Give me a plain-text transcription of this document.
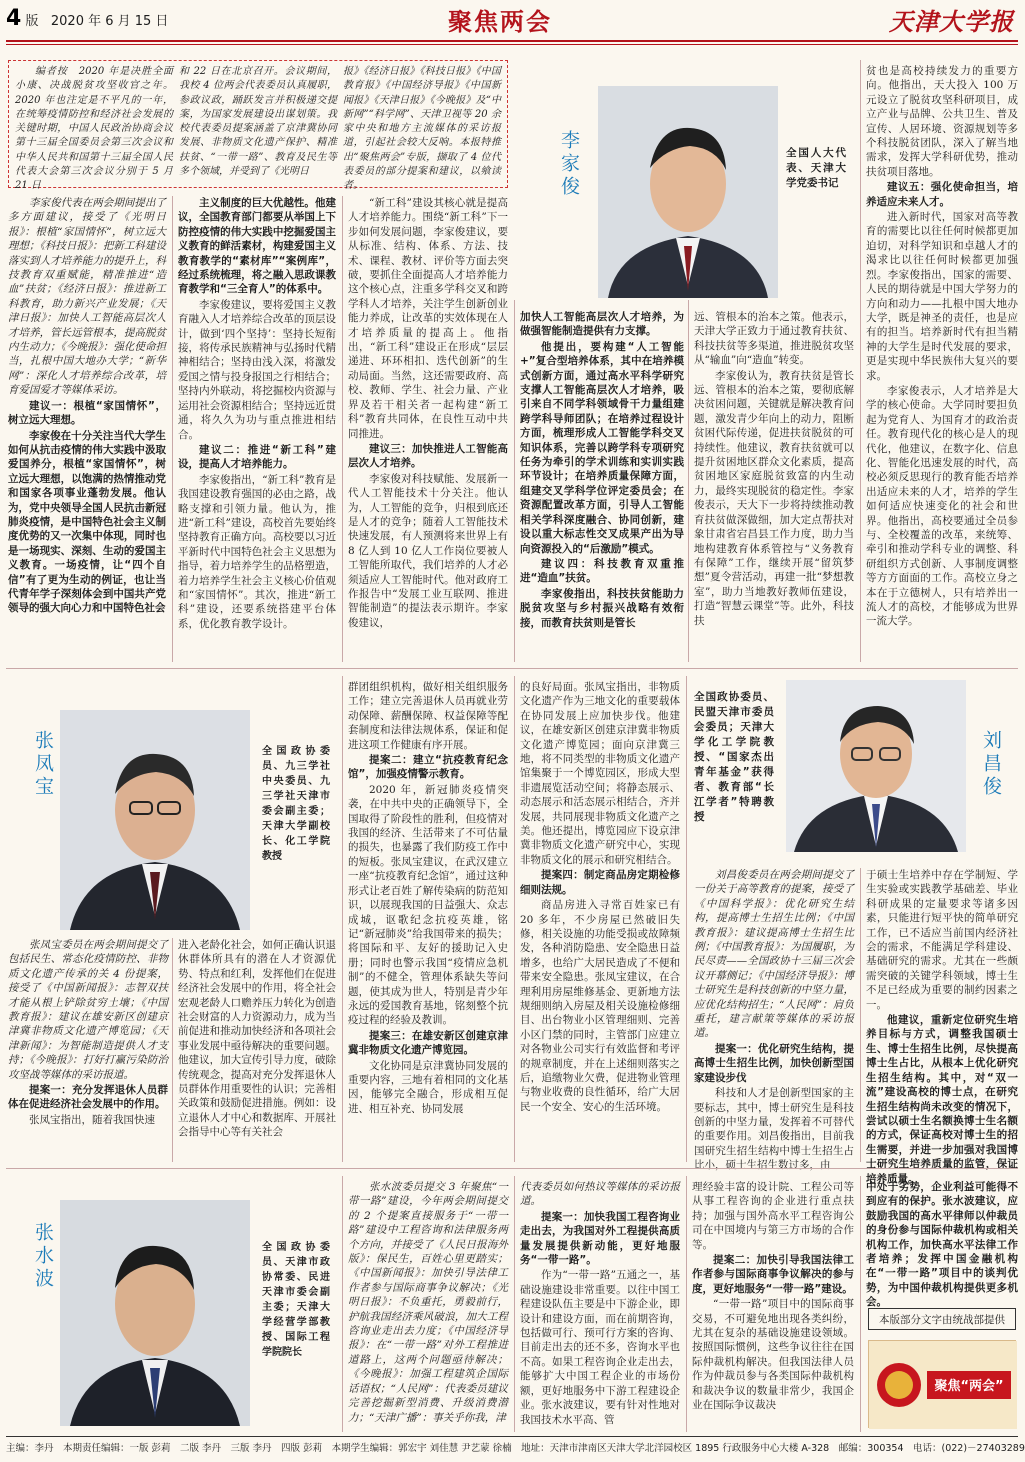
4 版 2020 年 6 月 15 日	聚焦两会	天津大学报

编者按　2020 年是决胜全面小康、决战脱贫攻坚收官之年。2020 年也注定是不平凡的一年，在统筹疫情防控和经济社会发展的关键时期，中国人民政治协商会议第十三届全国委员会第三次会议和中华人民共和国第十三届全国人民代表大会第三次会议分别于 5 月 21 日

和 22 日在北京召开。会议期间，我校 4 位两会代表委员认真履职，参政议政，踊跃发言并积极递交提案，为国家发展建设出谋划策。我校代表委员提案涵盖了京津冀协同发展、非物质文化遗产保护、精准扶贫、“一带一路”、教育及民生等多个领域，并受到了《光明日

报》《经济日报》《科技日报》《中国教育报》《中国经济导报》《中国新闻报》《天津日报》《今晚报》及“中新网”“科学网”、天津卫视等 20 余家中央和地方主流媒体的采访报道，引起社会较大反响。本报特推出“聚焦两会”专版，撷取了 4 位代表委员的部分提案和建议，以飨读者。	李家俊	全国人大代表、天津大学党委书记

李家俊代表在两会期间提出了多方面建议，接受了《光明日报》：根植“家国情怀”，树立远大理想；《科技日报》：把新工科建设落实到人才培养能力的提升上，科技教育双重赋能，精准推进“造血”扶贫；《经济日报》：推进新工科教育，助力新兴产业发展；《天津日报》：加快人工智能高层次人才培养，管长远管根本，提高脱贫内生动力；《今晚报》：强化使命担当，扎根中国大地办大学；“新华网”：深化人才培养综合改革，培育爱国爱才等媒体采访。

建议一：根植“家国情怀”，树立远大理想。

李家俊在十分关注当代大学生如何从抗击疫情的伟大实践中汲取爱国养分，根植“家国情怀”，树立远大理想，以饱满的热情推动党和国家各项事业蓬勃发展。他认为，党中央领导全国人民抗击新冠肺炎疫情，是中国特色社会主义制度优势的又一次集中体现，同时也是一场现实、深刻、生动的爱国主义教育。一场疫情，让“四个自信”有了更为生动的例证，也让当代青年学子深刻体会到中国共产党领导的强大向心力和中国特色社会

主义制度的巨大优越性。他建议，全国教育部门都要从举国上下防控疫情的伟大实践中挖掘爱国主义教育的鲜活素材，构建爱国主义教育教学的“素材库”“案例库”，经过系统梳理，将之融入思政课教育教学和“三全育人”的体系中。

李家俊建议，要将爱国主义教育融入人才培养综合改革的顶层设计，做到‘四个坚持’：坚持长短衔接，将传承民族精神与弘扬时代精神相结合；坚持由浅入深，将激发爱国之情与投身报国之行相结合；坚持内外联动，将挖掘校内资源与运用社会资源相结合；坚持远近贯通，将久久为功与重点推进相结合。

建议二：推进“新工科”建设，提高人才培养能力。

李家俊指出，“新工科”教育是我国建设教育强国的必由之路，战略支撑和引领力量。他认为，推进“新工科”建设，高校首先要始终坚持教育正确方向。高校要以习近平新时代中国特色社会主义思想为指导，着力培养学生的品格塑造，着力培养学生社会主义核心价值观和“家国情怀”。其次，推进“新工科”建设，还要系统搭建平台体系，优化教育教学设计。

“新工科”建设其核心就是提高人才培养能力。围绕“新工科”下一步如何发展问题，李家俊建议，要从标准、结构、体系、方法、技术、课程、教材、评价等方面去突破，要抓住全面提高人才培养能力这个核心点，注重多学科交叉和跨学科人才培养，关注学生创新创业能力养成，让改革的实效体现在人才培养质量的提高上。他指出，“新工科”建设正在形成“层层递进、环环相扣、迭代创新”的生动局面。当然，这还需要政府、高校、教师、学生、社会力量、产业界及若干相关者一起构建“新工科”教育共同体，在良性互动中共同推进。

建议三：加快推进人工智能高层次人才培养。

李家俊对科技赋能、发展新一代人工智能技术十分关注。他认为，人工智能的竞争，归根到底还是人才的竞争；随着人工智能技术快速发展，有人预测将来世界上有 8 亿人到 10 亿人工作岗位要被人工智能所取代，我们培养的人才必须适应人工智能时代。他对政府工作报告中“发展工业互联网、推进智能制造”的提法表示期许。李家俊建议，

加快人工智能高层次人才培养，为做强智能制造提供有力支撑。

他提出，要构建“人工智能+”复合型培养体系，其中在培养模式创新方面，通过高水平科学研究支撑人工智能高层次人才培养，吸引来自不同学科领域骨干力量组建跨学科导师团队；在培养过程设计方面，梳理形成人工智能学科交叉知识体系，完善以跨学科专项研究任务为牵引的学术训练和实训实践环节设计；在培养质量保障方面，组建交叉学科学位评定委员会；在资源配置改革方面，引导人工智能相关学科深度融合、协同创新，建设以重大标志性交叉成果产出为导向资源投入的“后激励”模式。

建议四：科技教育双重推进“造血”扶贫。

李家俊指出，科技扶贫能助力脱贫攻坚与乡村振兴战略有效衔接，而教育扶贫则是管长

远、管根本的治本之策。他表示，天津大学正致力于通过教育扶贫、科技扶贫等多渠道，推进脱贫攻坚从“输血”向“造血”转变。

李家俊认为，教育扶贫是管长远、管根本的治本之策，要彻底解决贫困问题，关键就是解决教育问题，激发青少年向上的动力，阻断贫困代际传递，促进扶贫脱贫的可持续性。他建议，教育扶贫就可以提升贫困地区群众文化素质，提高贫困地区家庭脱贫致富的内生动力，最终实现脱贫的稳定性。李家俊表示，天大下一步将持续推动教育扶贫做深做细，加大定点帮扶对象甘肃省宕昌县工作力度，助力当地构建教育体系管控与“义务教育有保障”工作，继续开展“留筑梦想”夏令营活动，再建一批“梦想教室”，助力当地教好教师伍建设，打造“智慧云课堂”等。此外，科技扶

贫也是高校持续发力的重要方向。他指出，天大投入 100 万元设立了脱贫攻坚科研项目，成立产业与品牌、公共卫生、普及宣传、人居环境、资源规划等多个科技脱贫团队，深入了解当地需求，发挥大学科研优势，推动扶贫项目落地。

建议五：强化使命担当，培养适应未来人才。

进入新时代，国家对高等教育的需要比以往任何时候都更加迫切，对科学知识和卓越人才的渴求比以往任何时候都更加强烈。李家俊指出，国家的需要、人民的期待就是中国大学努力的方向和动力——扎根中国大地办大学，既是神圣的责任，也是应有的担当。培养新时代有担当精神的大学生是时代发展的要求，更是实现中华民族伟大复兴的要求。

李家俊表示，人才培养是大学的核心使命。大学同时要担负起为党育人、为国育才的政治责任。教育现代化的核心是人的现代化，他建议，在数字化、信息化、智能化迅速发展的时代，高校必须反思现行的教育能否培养出适应未来的人才，培养的学生如何适应快速变化的社会和世界。他指出，高校要通过全员参与、全校覆盖的改革，来统筹、牵引和推动学科专业的调整、科研组织方式创新、人事制度调整等方方面面的工作。高校立身之本在于立德树人，只有培养出一流人才的高校，才能够成为世界一流大学。

张凤宝	全国政协委员、九三学社中央委员、九三学社天津市委会副主委；天津大学副校长、化工学院教授

张凤宝委员在两会期间提交了包括民生、常态化疫情防控、非物质文化遗产传承的关 4 份提案，接受了《中国新闻报》：志智双扶才能从根上铲除贫穷土壤；《中国教育报》：建议在雄安新区创建京津冀非物质文化遗产博览园；《天津新闻》：为智能制造提供人才支持；《今晚报》：打好打赢污染防治攻坚战等媒体的采访报道。

提案一：充分发挥退休人员群体在促进经济社会发展中的作用。

张凤宝指出，随着我国快速

进入老龄化社会，如何正确认识退休群体所具有的潜在人才资源优势、特点和红利，发挥他们在促进经济社会发展中的作用，将全社会宏观老龄人口赡养压力转化为创造社会财富的人力资源动力，成为当前促进和推动加快经济和各项社会事业发展中亟待解决的重要问题。他建议，加大宣传引导力度，破除传统观念，提高对充分发挥退休人员群体作用重要性的认识；完善相关政策和鼓励促进措施。例如：设立退休人才中心和数据库、开展社会指导中心等有关社会

群团组织机构，做好相关组织服务工作；建立完善退休人员再就业劳动保障、薪酬保障、权益保障等配套制度和法律法规体系，保证和促进这项工作健康有序开展。

提案二：建立“抗疫教育纪念馆”，加强疫情警示教育。

2020 年，新冠肺炎疫情突袭，在中共中央的正确领导下，全国取得了阶段性的胜利，但疫情对我国的经济、生活带来了不可估量的损失，也暴露了我们防疫工作中的短板。张凤宝建议，在武汉建立一座“抗疫教育纪念馆”，通过这种形式让老百姓了解传染病的防范知识，以展现我国的日益强大、众志成城，讴歌纪念抗疫英雄，铭记“新冠肺炎”给我国带来的损失；将国际和平、友好的援助记入史册；同时也警示我国“疫情应急机制”的不健全，管理体系缺失等问题，使其成为世人，特别是青少年永远的爱国教育基地，铭刻整个抗疫过程的经验及教训。

提案三：在雄安新区创建京津冀非物质文化遗产博览园。

文化协同是京津冀协同发展的重要内容，三地有着相同的文化基因，能够完全融合，形成相互促进、相互补充、协同发展

的良好局面。张凤宝指出，非物质文化遗产作为三地文化的重要载体在协同发展上应加快步伐。他建议，在雄安新区创建京津冀非物质文化遗产博览园；面向京津冀三地，将不同类型的非物质文化遗产馆集聚于一个博览园区，形成大型非遗展览活动空间；将静态展示、动态展示和活态展示相结合，齐并发展，共同展现非物质文化遗产之美。他还提出，博览园应下设京津冀非物质文化遗产研究中心，实现非物质文化的展示和研究相结合。

提案四：制定商品房定期检修细则法规。

商品房进入寻常百姓家已有 20 多年，不少房屋已然破旧失修，相关设施的功能受损或故障频发，各种消防隐患、安全隐患日益增多，也给广大居民造成了不便和带来安全隐患。张凤宝建议，在合理利用房屋维修基金、更新地方法规细则纳入房屋及相关设施检修细目、出台物业小区管理细则、完善小区门禁的同时，主管部门应建立对各物业公司实行有效监督和考评的规章制度，并在上述细则落实之后，追缴物业欠费，促进物业管理与物业收费的良性循环，给广大居民一个安全、安心的生活环境。

全国政协委员、民盟天津市委员会委员；天津大学化工学院教授、“国家杰出青年基金”获得者、教育部“长江学者”特聘教授
刘昌俊

刘昌俊委员在两会期间提交了一份关于高等教育的提案，接受了《中国科学报》：优化研究生结构，提高博士生招生比例；《中国教育报》：建议提高博士生招生比例；《中国教育报》：为国履职，为民尽责——全国政协十三届三次会议开幕侧记；《中国经济导报》：博士研究生是科技创新的中坚力量，应优化结构招生；“人民网”：肩负重托，建言献策等媒体的采访报道。

提案一：优化研究生结构，提高博士生招生比例，加快创新型国家建设步伐

科技和人才是创新型国家的主要标志，其中，博士研究生是科技创新的中坚力量，发挥着不可替代的重要作用。刘昌俊指出，目前我国研究生招生结构中博士生招生占比小，硕士生招生数过多，由

于硕士生培养中存在学制短、学生实验或实践教学基础差、毕业科研成果的定量要求等诸多因素，只能进行短平快的简单研究工作，已不适应当前国内经济社会的需求，不能满足学科建设、基础研究的需求。尤其在一些颇需突破的关键学科领域，博士生不足已经成为重要的制约因素之一。

他建议，重新定位研究生培养目标与方式，调整我国硕士生、博士生招生比例，尽快提高博士生占比，从根本上优化研究生招生结构。其中，对“双一流”建设高校的博士点，在研究生招生结构尚未改变的情况下，尝试以硕士生名额换博士生名额的方式，保证高校对博士生的招生需要，并进一步加强对我国博士研究生培养质量的监管，保证培养质量。

张水波	全国政协委员、天津市政协常委、民进天津市委会副主委；天津大学经营学部教授、国际工程学院院长

张水波委员提交 3 年聚焦“一带一路”建设，今年两会期间提交的 2 个提案直接服务于“一带一路”建设中工程咨询和法律服务两个方向，并接受了《人民日报海外版》：保民生，百姓心里更踏实；《中国新闻报》：加快引导法律工作者参与国际商事争议解决；《光明日报》：不负重托，勇毅前行，护航我国经济乘风破浪，加大工程咨询业走出去力度；《中国经济导报》：在“一带一路”对外工程推进道路上，这两个问题亟待解决；《今晚报》：加强工程建筑企国际话语权；“人民网”：代表委员建议完善挖掘新型消费、升级消费潜力；“天津广播”：事关乎你我，津

代表委员如何热议等媒体的采访报道。

提案一：加快我国工程咨询业走出去，为我国对外工程提供高质量发展提供新动能，更好地服务“一带一路”。

作为“一带一路”五通之一，基础设施建设非常重要。以往中国工程建设队伍主要是中下游企业，即设计和建设方面，而在前期咨询，包括做可行、预可行方案的咨询、目前走出去的还不多，咨询水平也不高。如果工程咨询企业走出去，能够扩大中国工程企业的市场份额，更好地服务中下游工程建设企业。张水波建议，要有针对性地对我国技术水平高、管

理经验丰富的设计院、工程公司等从事工程咨询的企业进行重点扶持；加强与国外高水平工程咨询公司在中国境内与第三方市场的合作等。

提案二：加快引导我国法律工作者参与国际商事争议解决的参与度，更好地服务“一带一路”建设。

“一带一路”项目中的国际商事交易，不可避免地出现各类纠纷，尤其在复杂的基础设施建设领域。按照国际惯例，这些争议往往在国际仲裁机构解决。但我国法律人员作为仲裁员参与各类国际仲裁机构和裁决争议的数量非常少，我国企业在国际争议裁决

中处于劣势，企业利益可能得不到应有的保护。张水波建议，应鼓励我国的高水平律师以仲裁员的身份参与国际仲裁机构或相关机构工作，加快高水平法律工作者培养；发挥中国金融机构在“一带一路”项目中的谈判优势，为中国仲裁机构提供更多机会。

本版部分文字由统战部提供
聚焦“两会”
主编：李丹　本期责任编辑：一版 彭莉　二版 李丹　三版 李丹　四版 彭莉　本期学生编辑：郭宏宇 刘佳慧 尹艺蒙 徐楠　地址：天津市津南区天津大学北洋园校区 1895 行政服务中心大楼 A-328　邮编：300354　电话：(022)－27403289
